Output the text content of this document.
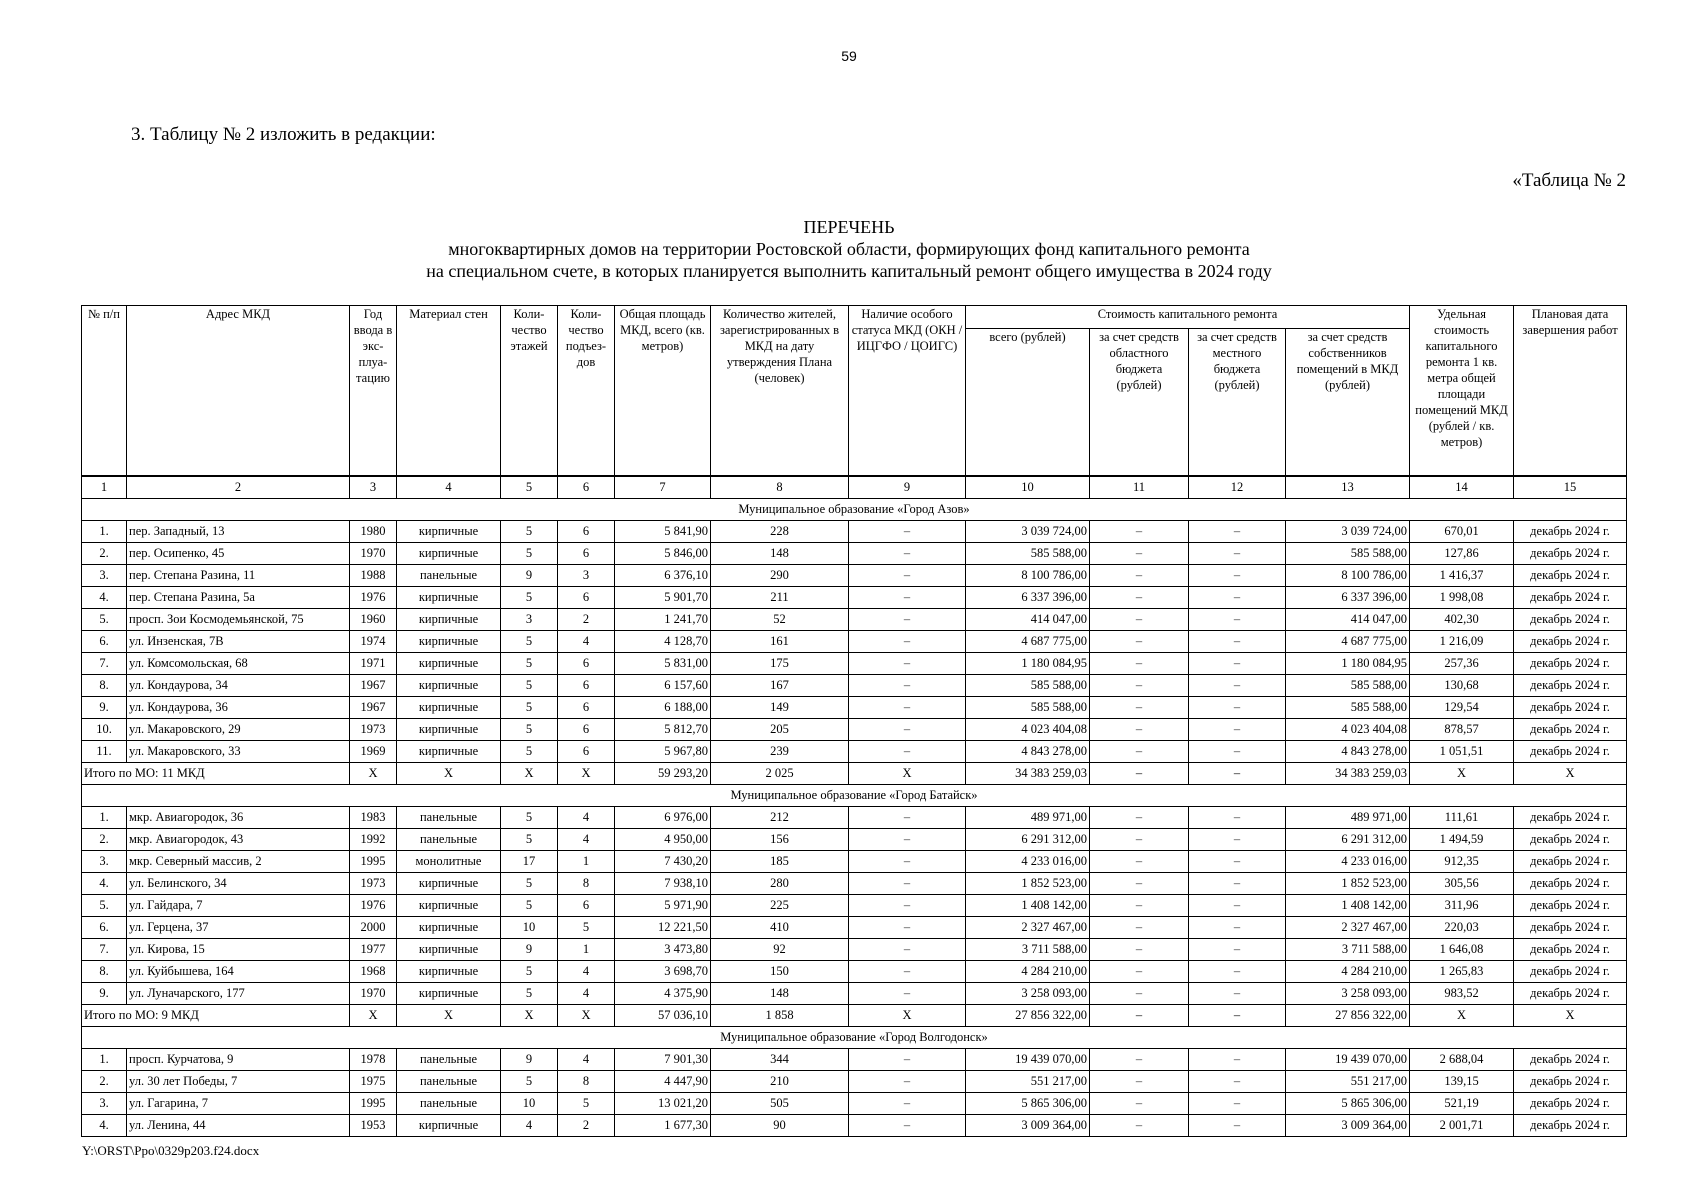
59
3. Таблицу № 2 изложить в редакции:
«Таблица № 2
ПЕРЕЧЕНЬ
многоквартирных домов на территории Ростовской области, формирующих фонд капитального ремонта
на специальном счете, в которых планируется выполнить капитальный ремонт общего имущества в 2024 году
№ п/п	Адрес МКД	Год ввода в экс-плуа-тацию	Материал стен	Коли-чество этажей	Коли-чество подъез-дов	Общая площадь МКД, всего (кв. метров)	Количество жителей, зарегистрированных в МКД на дату утверждения Плана (человек)	Наличие особого статуса МКД (ОКН / ИЦГФО / ЦОИГС)	Стоимость капитального ремонта				Удельная стоимость капитального ремонта 1 кв. метра общей площади помещений МКД (рублей / кв. метров)	Плановая дата завершения работ
									всего (рублей)	за счет средств областного бюджета (рублей)	за счет средств местного бюджета (рублей)	за счет средств собственников помещений в МКД (рублей)		
1	2	3	4	5	6	7	8	9	10	11	12	13	14	15
Муниципальное образование «Город Азов»														
1.	пер. Западный, 13	1980	кирпичные	5	6	5 841,90	228	–	3 039 724,00	–	–	3 039 724,00	670,01	декабрь 2024 г.
2.	пер. Осипенко, 45	1970	кирпичные	5	6	5 846,00	148	–	585 588,00	–	–	585 588,00	127,86	декабрь 2024 г.
3.	пер. Степана Разина, 11	1988	панельные	9	3	6 376,10	290	–	8 100 786,00	–	–	8 100 786,00	1 416,37	декабрь 2024 г.
4.	пер. Степана Разина, 5а	1976	кирпичные	5	6	5 901,70	211	–	6 337 396,00	–	–	6 337 396,00	1 998,08	декабрь 2024 г.
5.	просп. Зои Космодемьянской, 75	1960	кирпичные	3	2	1 241,70	52	–	414 047,00	–	–	414 047,00	402,30	декабрь 2024 г.
6.	ул. Инзенская, 7В	1974	кирпичные	5	4	4 128,70	161	–	4 687 775,00	–	–	4 687 775,00	1 216,09	декабрь 2024 г.
7.	ул. Комсомольская, 68	1971	кирпичные	5	6	5 831,00	175	–	1 180 084,95	–	–	1 180 084,95	257,36	декабрь 2024 г.
8.	ул. Кондаурова, 34	1967	кирпичные	5	6	6 157,60	167	–	585 588,00	–	–	585 588,00	130,68	декабрь 2024 г.
9.	ул. Кондаурова, 36	1967	кирпичные	5	6	6 188,00	149	–	585 588,00	–	–	585 588,00	129,54	декабрь 2024 г.
10.	ул. Макаровского, 29	1973	кирпичные	5	6	5 812,70	205	–	4 023 404,08	–	–	4 023 404,08	878,57	декабрь 2024 г.
11.	ул. Макаровского, 33	1969	кирпичные	5	6	5 967,80	239	–	4 843 278,00	–	–	4 843 278,00	1 051,51	декабрь 2024 г.
Итого по МО: 11 МКД		X	X	X	X	59 293,20	2 025	X	34 383 259,03	–	–	34 383 259,03	X	X
Муниципальное образование «Город Батайск»														
1.	мкр. Авиагородок, 36	1983	панельные	5	4	6 976,00	212	–	489 971,00	–	–	489 971,00	111,61	декабрь 2024 г.
2.	мкр. Авиагородок, 43	1992	панельные	5	4	4 950,00	156	–	6 291 312,00	–	–	6 291 312,00	1 494,59	декабрь 2024 г.
3.	мкр. Северный массив, 2	1995	монолитные	17	1	7 430,20	185	–	4 233 016,00	–	–	4 233 016,00	912,35	декабрь 2024 г.
4.	ул. Белинского, 34	1973	кирпичные	5	8	7 938,10	280	–	1 852 523,00	–	–	1 852 523,00	305,56	декабрь 2024 г.
5.	ул. Гайдара, 7	1976	кирпичные	5	6	5 971,90	225	–	1 408 142,00	–	–	1 408 142,00	311,96	декабрь 2024 г.
6.	ул. Герцена, 37	2000	кирпичные	10	5	12 221,50	410	–	2 327 467,00	–	–	2 327 467,00	220,03	декабрь 2024 г.
7.	ул. Кирова, 15	1977	кирпичные	9	1	3 473,80	92	–	3 711 588,00	–	–	3 711 588,00	1 646,08	декабрь 2024 г.
8.	ул. Куйбышева, 164	1968	кирпичные	5	4	3 698,70	150	–	4 284 210,00	–	–	4 284 210,00	1 265,83	декабрь 2024 г.
9.	ул. Луначарского, 177	1970	кирпичные	5	4	4 375,90	148	–	3 258 093,00	–	–	3 258 093,00	983,52	декабрь 2024 г.
Итого по МО: 9 МКД		X	X	X	X	57 036,10	1 858	X	27 856 322,00	–	–	27 856 322,00	X	X
Муниципальное образование «Город Волгодонск»														
1.	просп. Курчатова, 9	1978	панельные	9	4	7 901,30	344	–	19 439 070,00	–	–	19 439 070,00	2 688,04	декабрь 2024 г.
2.	ул. 30 лет Победы, 7	1975	панельные	5	8	4 447,90	210	–	551 217,00	–	–	551 217,00	139,15	декабрь 2024 г.
3.	ул. Гагарина, 7	1995	панельные	10	5	13 021,20	505	–	5 865 306,00	–	–	5 865 306,00	521,19	декабрь 2024 г.
4.	ул. Ленина, 44	1953	кирпичные	4	2	1 677,30	90	–	3 009 364,00	–	–	3 009 364,00	2 001,71	декабрь 2024 г.
Y:\ORST\Ppo\0329p203.f24.docx
